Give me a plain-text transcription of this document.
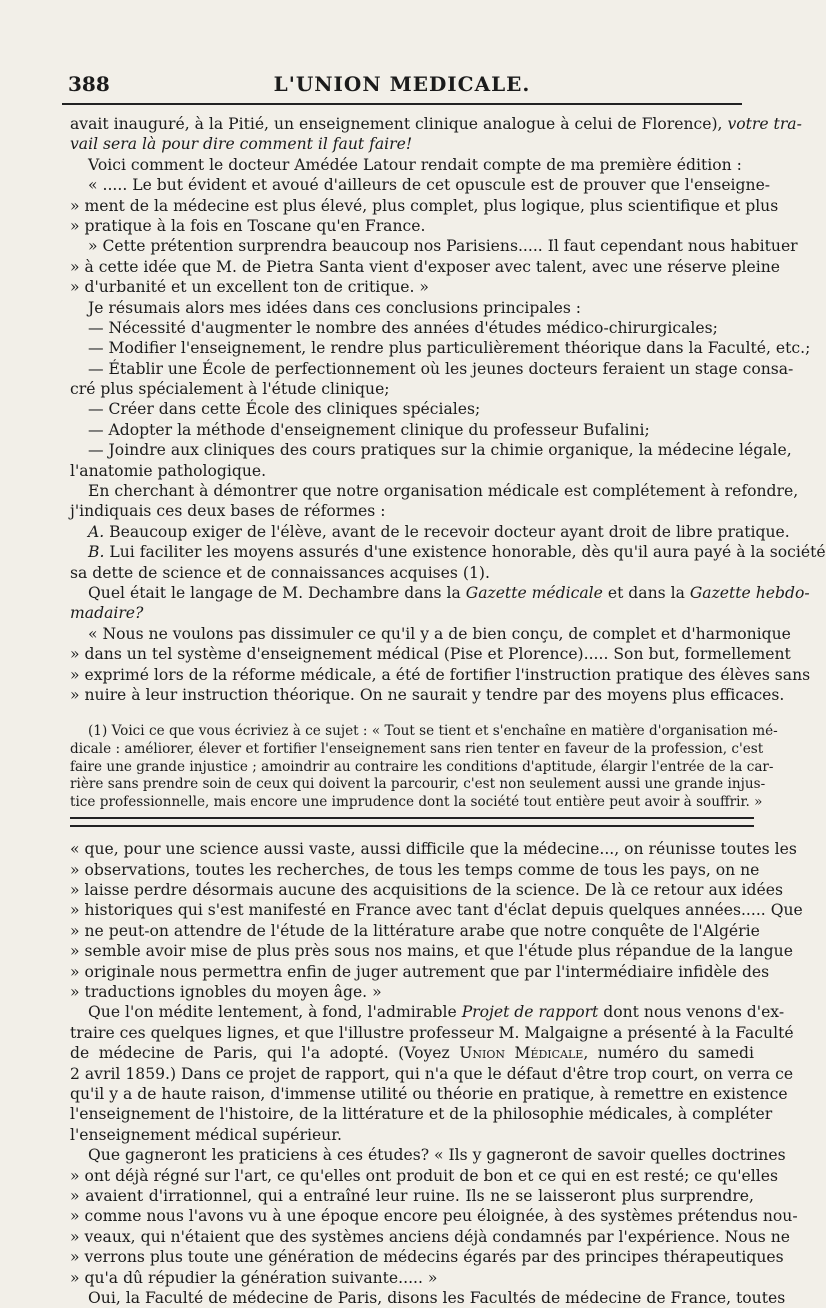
388	L'UNION MEDICALE.
avait inauguré, à la Pitié, un enseignement clinique analogue à celui de Florence), votre tra-
vail sera là pour dire comment il faut faire!
Voici comment le docteur Amédée Latour rendait compte de ma première édition :
« ..... Le but évident et avoué d'ailleurs de cet opuscule est de prouver que l'enseigne-
» ment de la médecine est plus élevé, plus complet, plus logique, plus scientifique et plus
» pratique à la fois en Toscane qu'en France.
» Cette prétention surprendra beaucoup nos Parisiens..... Il faut cependant nous habituer
» à cette idée que M. de Pietra Santa vient d'exposer avec talent, avec une réserve pleine
» d'urbanité et un excellent ton de critique. »
Je résumais alors mes idées dans ces conclusions principales :
— Nécessité d'augmenter le nombre des années d'études médico-chirurgicales;
— Modifier l'enseignement, le rendre plus particulièrement théorique dans la Faculté, etc.;
— Établir une École de perfectionnement où les jeunes docteurs feraient un stage consa-
cré plus spécialement à l'étude clinique;
— Créer dans cette École des cliniques spéciales;
— Adopter la méthode d'enseignement clinique du professeur Bufalini;
— Joindre aux cliniques des cours pratiques sur la chimie organique, la médecine légale,
l'anatomie pathologique.
En cherchant à démontrer que notre organisation médicale est complétement à refondre,
j'indiquais ces deux bases de réformes :
A. Beaucoup exiger de l'élève, avant de le recevoir docteur ayant droit de libre pratique.
B. Lui faciliter les moyens assurés d'une existence honorable, dès qu'il aura payé à la société
sa dette de science et de connaissances acquises (1).
Quel était le langage de M. Dechambre dans la Gazette médicale et dans la Gazette hebdo-
madaire?
« Nous ne voulons pas dissimuler ce qu'il y a de bien conçu, de complet et d'harmonique
» dans un tel système d'enseignement médical (Pise et Plorence)..... Son but, formellement
» exprimé lors de la réforme médicale, a été de fortifier l'instruction pratique des élèves sans
» nuire à leur instruction théorique. On ne saurait y tendre par des moyens plus efficaces.
(1) Voici ce que vous écriviez à ce sujet : « Tout se tient et s'enchaîne en matière d'organisation mé-
dicale : améliorer, élever et fortifier l'enseignement sans rien tenter en faveur de la profession, c'est
faire une grande injustice ; amoindrir au contraire les conditions d'aptitude, élargir l'entrée de la car-
rière sans prendre soin de ceux qui doivent la parcourir, c'est non seulement aussi une grande injus-
tice professionnelle, mais encore une imprudence dont la société tout entière peut avoir à souffrir. »
« que, pour une science aussi vaste, aussi difficile que la médecine..., on réunisse toutes les
» observations, toutes les recherches, de tous les temps comme de tous les pays, on ne
» laisse perdre désormais aucune des acquisitions de la science. De là ce retour aux idées
» historiques qui s'est manifesté en France avec tant d'éclat depuis quelques années..... Que
» ne peut-on attendre de l'étude de la littérature arabe que notre conquête de l'Algérie
» semble avoir mise de plus près sous nos mains, et que l'étude plus répandue de la langue
» originale nous permettra enfin de juger autrement que par l'intermédiaire infidèle des
» traductions ignobles du moyen âge. »
Que l'on médite lentement, à fond, l'admirable Projet de rapport dont nous venons d'ex-
traire ces quelques lignes, et que l'illustre professeur M. Malgaigne a présenté à la Faculté
de médecine de Paris, qui l'a adopté. (Voyez Union Médicale, numéro du samedi
2 avril 1859.) Dans ce projet de rapport, qui n'a que le défaut d'être trop court, on verra ce
qu'il y a de haute raison, d'immense utilité ou théorie en pratique, à remettre en existence
l'enseignement de l'histoire, de la littérature et de la philosophie médicales, à compléter
l'enseignement médical supérieur.
Que gagneront les praticiens à ces études? « Ils y gagneront de savoir quelles doctrines
» ont déjà régné sur l'art, ce qu'elles ont produit de bon et ce qui en est resté; ce qu'elles
» avaient d'irrationnel, qui a entraîné leur ruine. Ils ne se laisseront plus surprendre,
» comme nous l'avons vu à une époque encore peu éloignée, à des systèmes prétendus nou-
» veaux, qui n'étaient que des systèmes anciens déjà condamnés par l'expérience. Nous ne
» verrons plus toute une génération de médecins égarés par des principes thérapeutiques
» qu'a dû répudier la génération suivante..... »
Oui, la Faculté de médecine de Paris, disons les Facultés de médecine de France, toutes
